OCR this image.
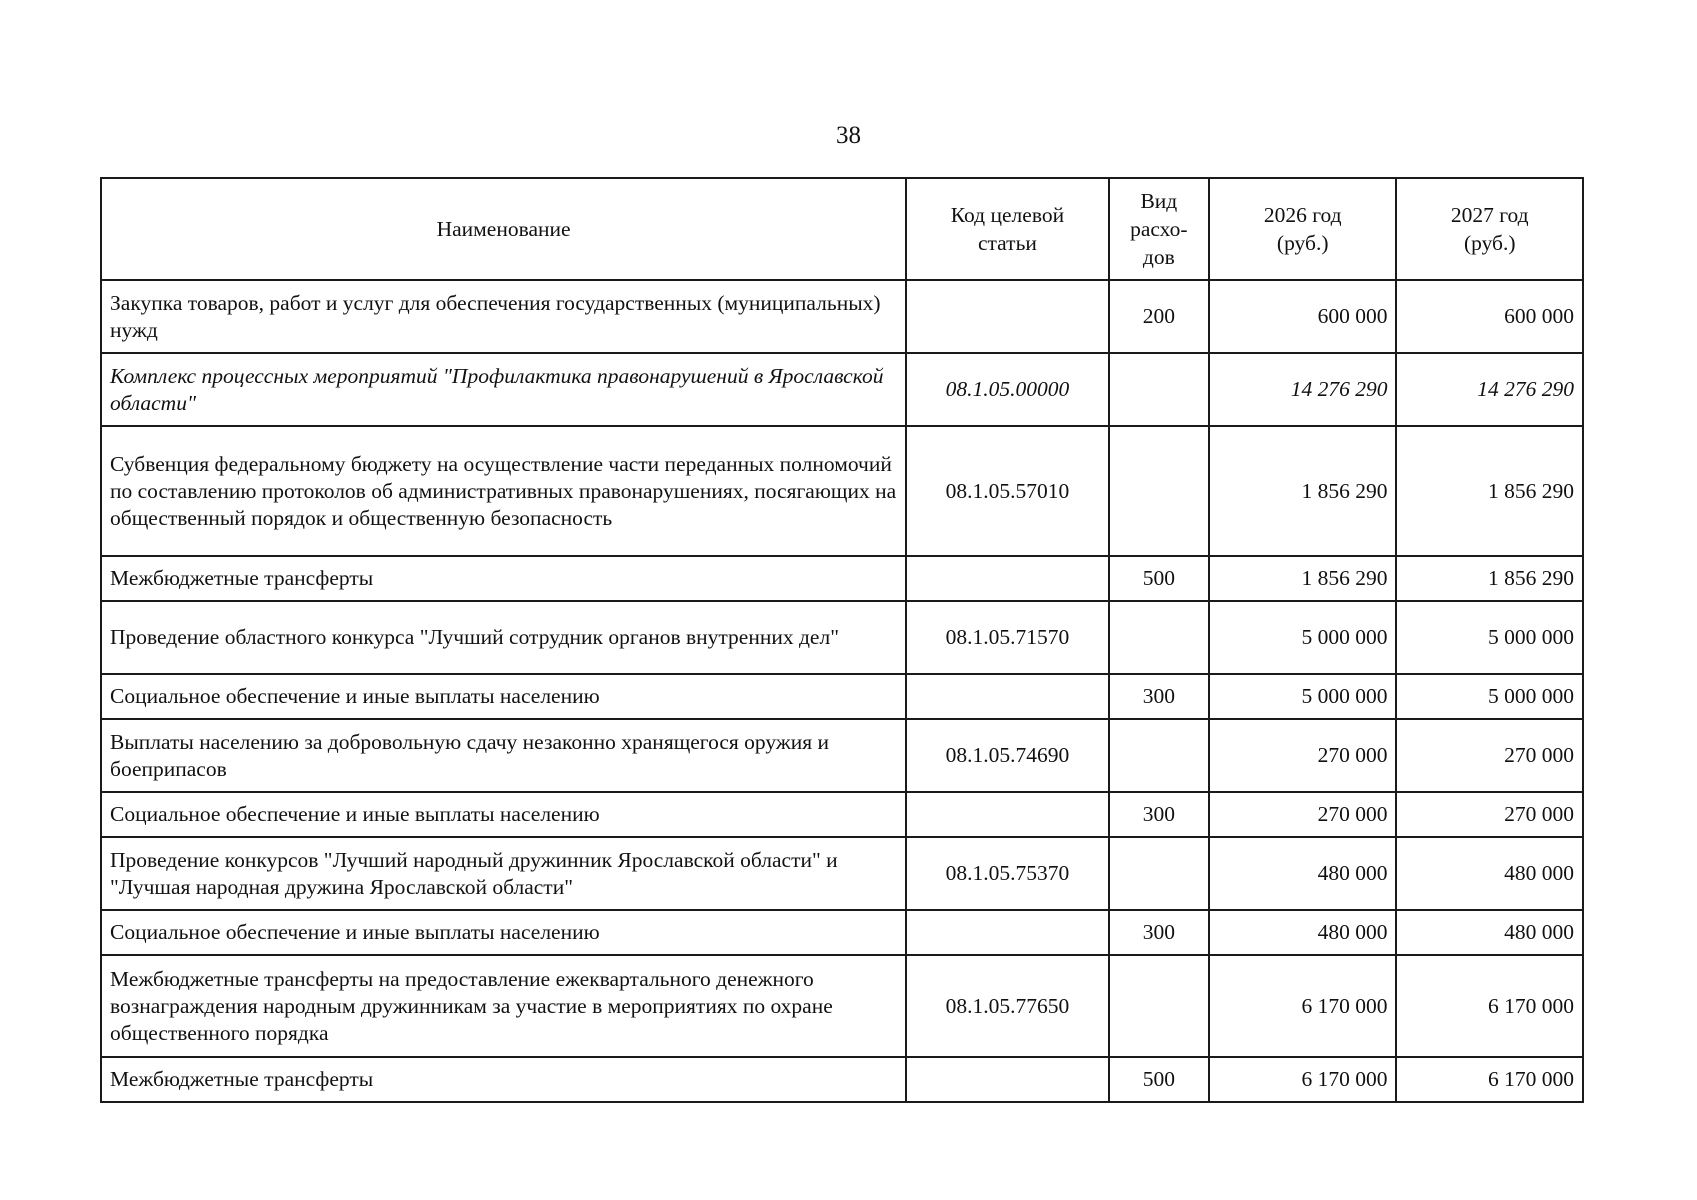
38
Наименование	Код целевой статьи	Вид расхо-дов	2026 год (руб.)	2027 год (руб.)
Закупка товаров, работ и услуг для обеспечения государственных (муниципальных) нужд		200	600 000	600 000
Комплекс процессных мероприятий "Профилактика правонарушений в Ярославской области"	08.1.05.00000		14 276 290	14 276 290
Субвенция федеральному бюджету на осуществление части переданных полномочий по составлению протоколов об административных правонарушениях, посягающих на общественный порядок и общественную безопасность	08.1.05.57010		1 856 290	1 856 290
Межбюджетные трансферты		500	1 856 290	1 856 290
Проведение областного конкурса "Лучший сотрудник органов внутренних дел"	08.1.05.71570		5 000 000	5 000 000
Социальное обеспечение и иные выплаты населению		300	5 000 000	5 000 000
Выплаты населению за добровольную сдачу незаконно хранящегося оружия и боеприпасов	08.1.05.74690		270 000	270 000
Социальное обеспечение и иные выплаты населению		300	270 000	270 000
Проведение конкурсов "Лучший народный дружинник Ярославской области" и "Лучшая народная дружина Ярославской области"	08.1.05.75370		480 000	480 000
Социальное обеспечение и иные выплаты населению		300	480 000	480 000
Межбюджетные трансферты на предоставление ежеквартального денежного вознаграждения народным дружинникам за участие в мероприятиях по охране общественного порядка	08.1.05.77650		6 170 000	6 170 000
Межбюджетные трансферты		500	6 170 000	6 170 000
